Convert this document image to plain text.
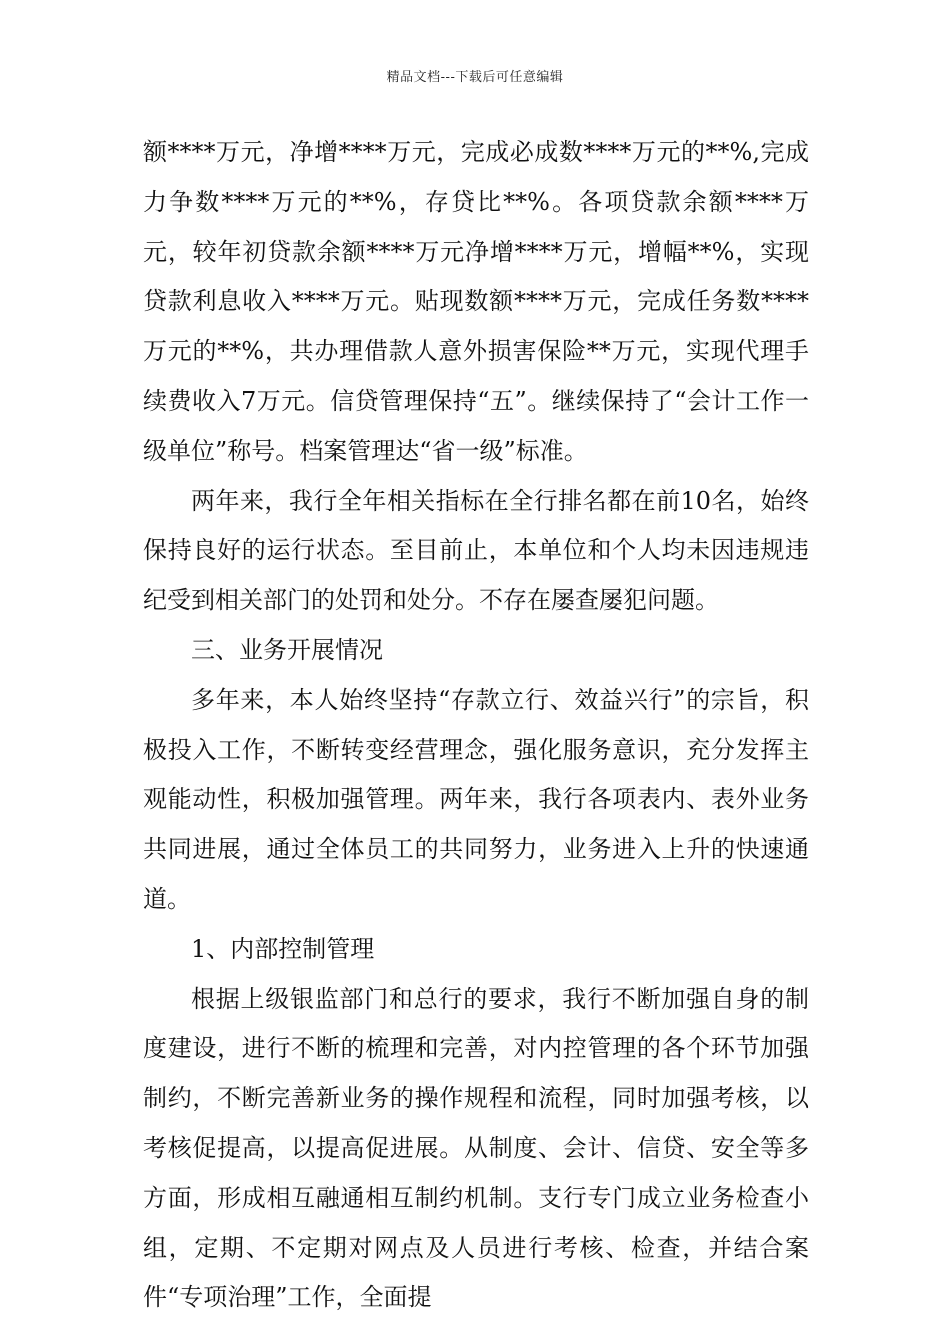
精品文档---下载后可任意编辑

额****万元，净增****万元，完成必成数****万元的**%,完成力争数****万元的**%，存贷比**%。各项贷款余额****万元，较年初贷款余额****万元净增****万元，增幅**%，实现贷款利息收入****万元。贴现数额****万元，完成任务数****万元的**%，共办理借款人意外损害保险**万元，实现代理手续费收入7万元。信贷管理保持“五”。继续保持了“会计工作一级单位”称号。档案管理达“省一级”标准。

两年来，我行全年相关指标在全行排名都在前10名，始终保持良好的运行状态。至目前止，本单位和个人均未因违规违纪受到相关部门的处罚和处分。不存在屡查屡犯问题。

三、业务开展情况

多年来，本人始终坚持“存款立行、效益兴行”的宗旨，积极投入工作，不断转变经营理念，强化服务意识，充分发挥主观能动性，积极加强管理。两年来，我行各项表内、表外业务共同进展，通过全体员工的共同努力，业务进入上升的快速通道。

1、内部控制管理

根据上级银监部门和总行的要求，我行不断加强自身的制度建设，进行不断的梳理和完善，对内控管理的各个环节加强制约，不断完善新业务的操作规程和流程，同时加强考核，以考核促提高，以提高促进展。从制度、会计、信贷、安全等多方面，形成相互融通相互制约机制。支行专门成立业务检查小组，定期、不定期对网点及人员进行考核、检查，并结合案件“专项治理”工作，全面提
